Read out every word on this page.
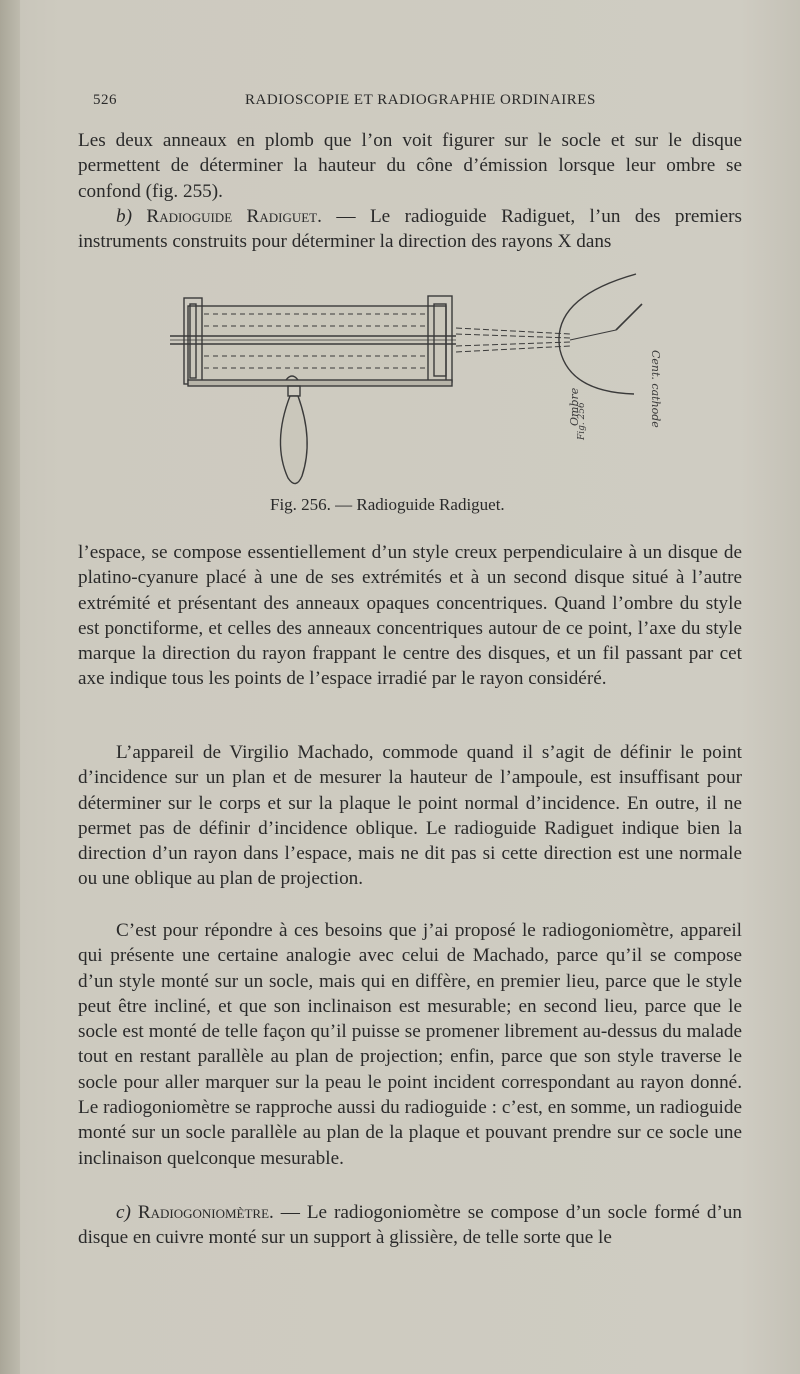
526	RADIOSCOPIE ET RADIOGRAPHIE ORDINAIRES

Les deux anneaux en plomb que l’on voit figurer sur le socle et sur le disque permettent de déterminer la hauteur du cône d’émission lorsque leur ombre se confond (fig. 255).

b) Radioguide Radiguet. — Le radioguide Radiguet, l’un des premiers instruments construits pour déterminer la direction des rayons X dans

Cent. cathode
Ombre
Fig. 256
Fig. 256. — Radioguide Radiguet.

l’espace, se compose essentiellement d’un style creux perpendiculaire à un disque de platino-cyanure placé à une de ses extrémités et à un second disque situé à l’autre extrémité et présentant des anneaux opaques concentriques. Quand l’ombre du style est ponctiforme, et celles des anneaux concentriques autour de ce point, l’axe du style marque la direction du rayon frappant le centre des disques, et un fil passant par cet axe indique tous les points de l’espace irradié par le rayon considéré.

L’appareil de Virgilio Machado, commode quand il s’agit de définir le point d’incidence sur un plan et de mesurer la hauteur de l’ampoule, est insuffisant pour déterminer sur le corps et sur la plaque le point normal d’incidence. En outre, il ne permet pas de définir d’incidence oblique. Le radioguide Radiguet indique bien la direction d’un rayon dans l’espace, mais ne dit pas si cette direction est une normale ou une oblique au plan de projection.

C’est pour répondre à ces besoins que j’ai proposé le radiogoniomètre, appareil qui présente une certaine analogie avec celui de Machado, parce qu’il se compose d’un style monté sur un socle, mais qui en diffère, en premier lieu, parce que le style peut être incliné, et que son inclinaison est mesurable; en second lieu, parce que le socle est monté de telle façon qu’il puisse se promener librement au-dessus du malade tout en restant parallèle au plan de projection; enfin, parce que son style traverse le socle pour aller marquer sur la peau le point incident correspondant au rayon donné. Le radiogoniomètre se rapproche aussi du radioguide : c’est, en somme, un radioguide monté sur un socle parallèle au plan de la plaque et pouvant prendre sur ce socle une inclinaison quelconque mesurable.

c) Radiogoniomètre. — Le radiogoniomètre se compose d’un socle formé d’un disque en cuivre monté sur un support à glissière, de telle sorte que le
